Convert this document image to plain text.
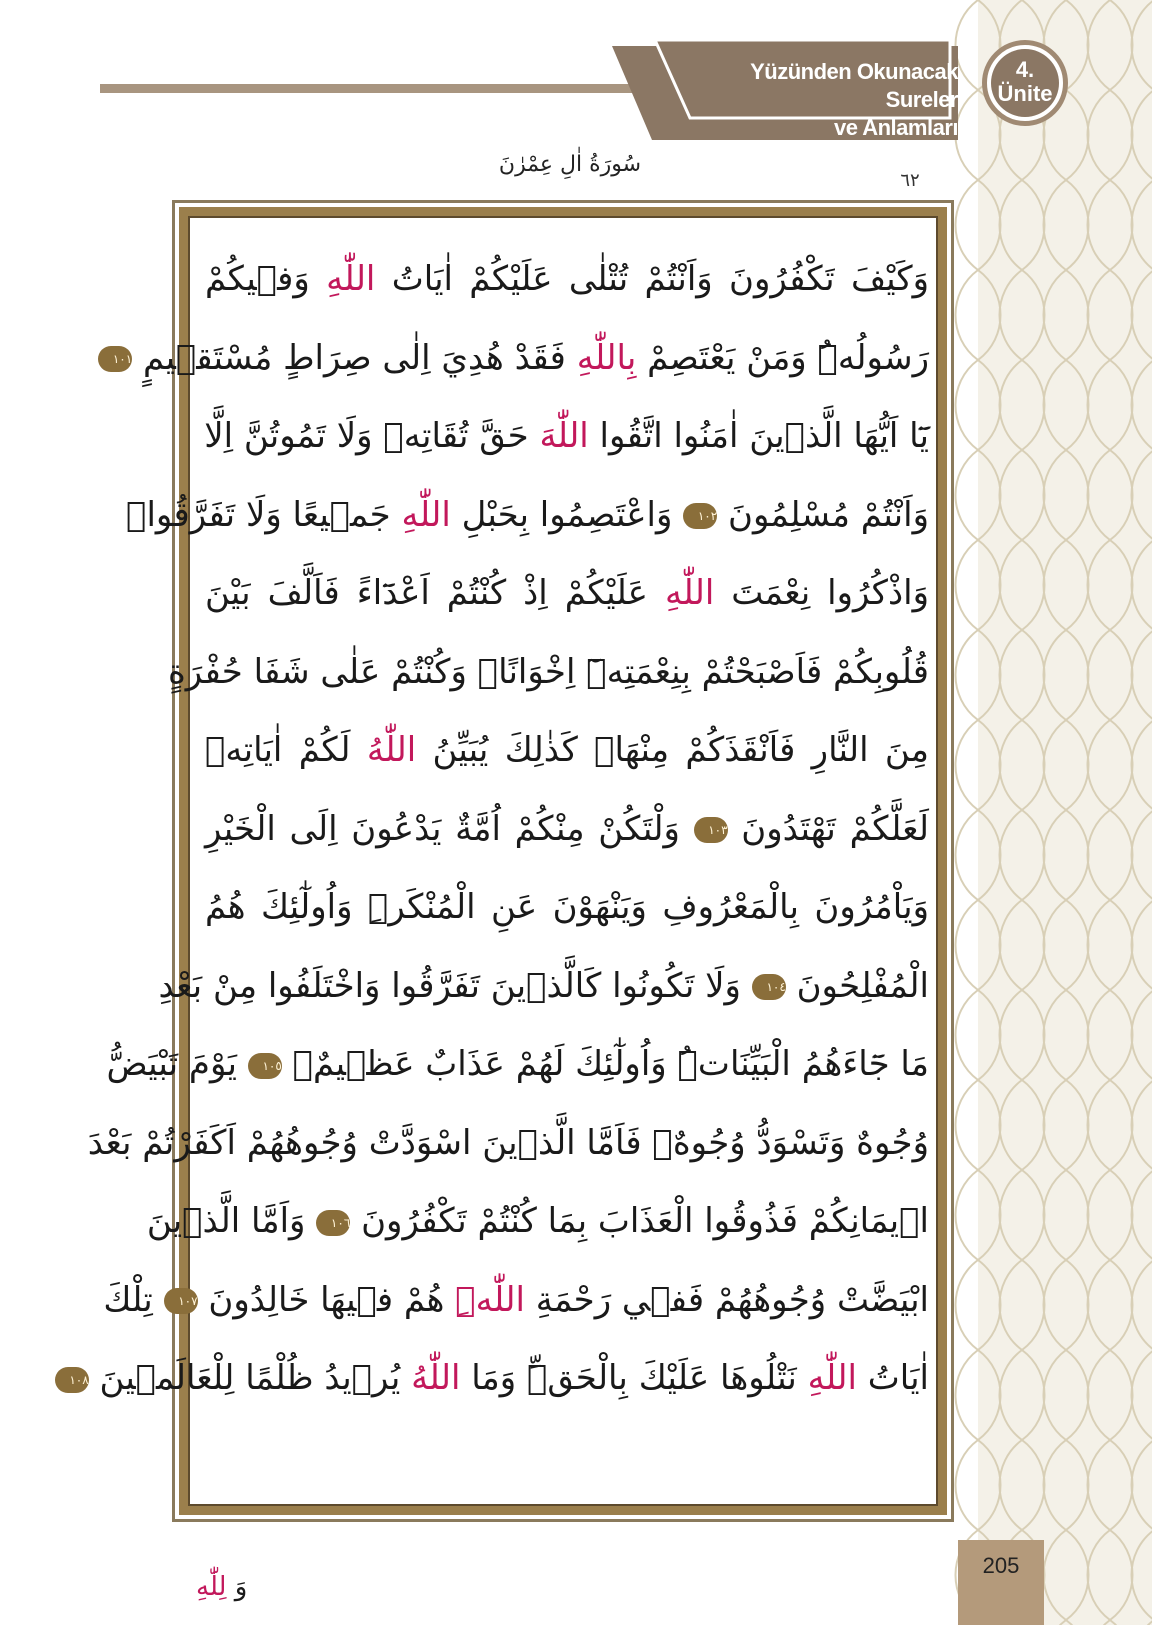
Yüzünden Okunacak Sureler
ve Anlamları
4.
Ünite
سُورَةُ اٰلِ عِمْرٰنَ
٦٢
وَكَيْفَ تَكْفُرُونَ وَاَنْتُمْ تُتْلٰى عَلَيْكُمْ اٰيَاتُ اللّٰهِ وَفٖيكُمْ
رَسُولُهُۜ وَمَنْ يَعْتَصِمْ بِاللّٰهِ فَقَدْ هُدِيَ اِلٰى صِرَاطٍ مُسْتَقٖيمٍ ١٠١
يَٓا اَيُّهَا الَّذٖينَ اٰمَنُوا اتَّقُوا اللّٰهَ حَقَّ تُقَاتِهٖ وَلَا تَمُوتُنَّ اِلَّا
وَاَنْتُمْ مُسْلِمُونَ ١٠٢ وَاعْتَصِمُوا بِحَبْلِ اللّٰهِ جَمٖيعًا وَلَا تَفَرَّقُواۖ
وَاذْكُرُوا نِعْمَتَ اللّٰهِ عَلَيْكُمْ اِذْ كُنْتُمْ اَعْدَٓاءً فَاَلَّفَ بَيْنَ
قُلُوبِكُمْ فَاَصْبَحْتُمْ بِنِعْمَتِهٖٓ اِخْوَانًاۚ وَكُنْتُمْ عَلٰى شَفَا حُفْرَةٍ
مِنَ النَّارِ فَاَنْقَذَكُمْ مِنْهَاۜ كَذٰلِكَ يُبَيِّنُ اللّٰهُ لَكُمْ اٰيَاتِهٖ
لَعَلَّكُمْ تَهْتَدُونَ ١٠٣ وَلْتَكُنْ مِنْكُمْ اُمَّةٌ يَدْعُونَ اِلَى الْخَيْرِ
وَيَاْمُرُونَ بِالْمَعْرُوفِ وَيَنْهَوْنَ عَنِ الْمُنْكَرِۜ وَاُولٰٓئِكَ هُمُ
الْمُفْلِحُونَ ١٠٤ وَلَا تَكُونُوا كَالَّذٖينَ تَفَرَّقُوا وَاخْتَلَفُوا مِنْ بَعْدِ
مَا جَٓاءَهُمُ الْبَيِّنَاتُۜ وَاُولٰٓئِكَ لَهُمْ عَذَابٌ عَظٖيمٌۙ ١٠٥ يَوْمَ تَبْيَضُّ
وُجُوهٌ وَتَسْوَدُّ وُجُوهٌۚ فَاَمَّا الَّذٖينَ اسْوَدَّتْ وُجُوهُهُمْ اَكَفَرْتُمْ بَعْدَ
اٖيمَانِكُمْ فَذُوقُوا الْعَذَابَ بِمَا كُنْتُمْ تَكْفُرُونَ ١٠٦ وَاَمَّا الَّذٖينَ
ابْيَضَّتْ وُجُوهُهُمْ فَفٖي رَحْمَةِ اللّٰهِۜ هُمْ فٖيهَا خَالِدُونَ ١٠٧ تِلْكَ
اٰيَاتُ اللّٰهِ نَتْلُوهَا عَلَيْكَ بِالْحَقِّۜ وَمَا اللّٰهُ يُرٖيدُ ظُلْمًا لِلْعَالَمٖينَ ١٠٨
وَ لِلّٰهِ
205
